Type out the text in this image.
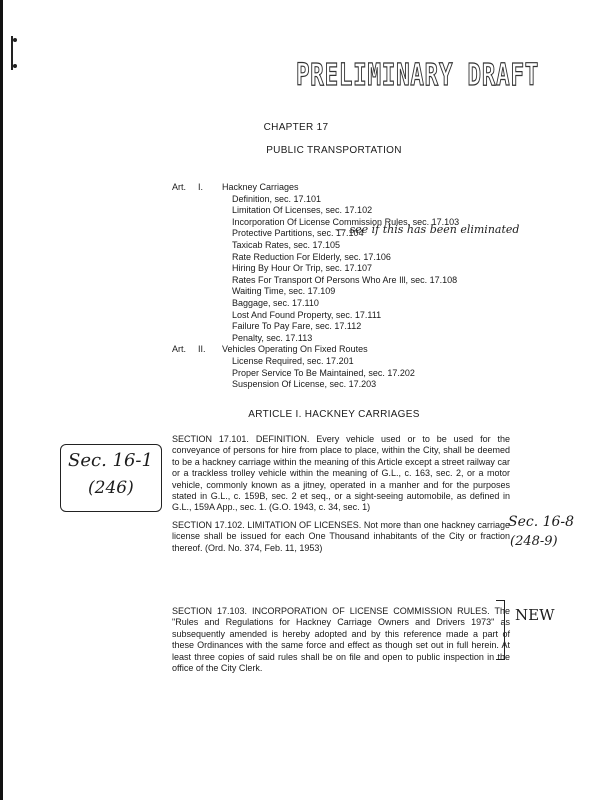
PRELIMINARY DRAFT
CHAPTER 17
PUBLIC TRANSPORTATION
Art. I. Hackney Carriages
Definition, sec. 17.101
Limitation Of Licenses, sec. 17.102
Incorporation Of License Commission Rules, sec. 17.103
Protective Partitions, sec. 17.104
— see if this has been eliminated
Taxicab Rates, sec. 17.105
Rate Reduction For Elderly, sec. 17.106
Hiring By Hour Or Trip, sec. 17.107
Rates For Transport Of Persons Who Are Ill, sec. 17.108
Waiting Time, sec. 17.109
Baggage, sec. 17.110
Lost And Found Property, sec. 17.111
Failure To Pay Fare, sec. 17.112
Penalty, sec. 17.113
Art. II. Vehicles Operating On Fixed Routes
License Required, sec. 17.201
Proper Service To Be Maintained, sec. 17.202
Suspension Of License, sec. 17.203
ARTICLE I. HACKNEY CARRIAGES

SECTION 17.101. DEFINITION. Every vehicle used or to be used for the conveyance of persons for hire from place to place, within the City, shall be deemed to be a hackney carriage within the meaning of this Article except a street railway car or a trackless trolley vehicle within the meaning of G.L., c. 163, sec. 2, or a motor vehicle, commonly known as a jitney, operated in a manher and for the purposes stated in G.L., c. 159B, sec. 2 et seq., or a sight-seeing automobile, as defined in G.L., 159A App., sec. 1. (G.O. 1943, c. 34, sec. 1)

SECTION 17.102. LIMITATION OF LICENSES. Not more than one hackney carriage license shall be issued for each One Thousand inhabitants of the City or fraction thereof. (Ord. No. 374, Feb. 11, 1953)

SECTION 17.103. INCORPORATION OF LICENSE COMMISSION RULES. The "Rules and Regulations for Hackney Carriage Owners and Drivers 1973" as subsequently amended is hereby adopted and by this reference made a part of these Ordinances with the same force and effect as though set out in full herein. At least three copies of said rules shall be on file and open to public inspection in the office of the City Clerk.

Sec. 16-1
(246)
Sec. 16-8
(248-9)
NEW
